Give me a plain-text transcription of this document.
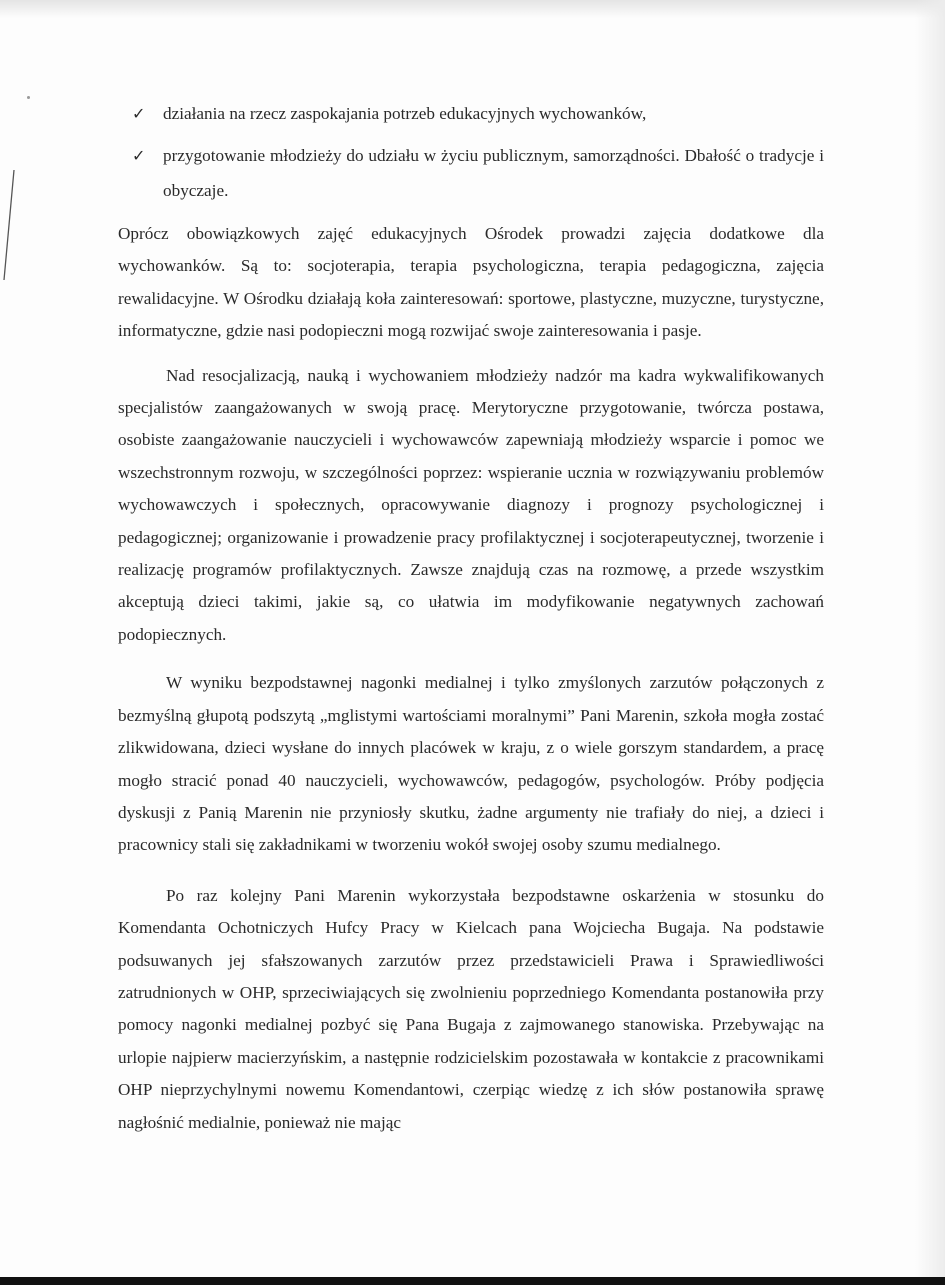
✓ działania na rzecz zaspokajania potrzeb edukacyjnych wychowanków,
✓ przygotowanie młodzieży do udziału w życiu publicznym, samorządności. Dbałość o tradycje i obyczaje.

Oprócz obowiązkowych zajęć edukacyjnych Ośrodek prowadzi zajęcia dodatkowe dla wychowanków. Są to: socjoterapia, terapia psychologiczna, terapia pedagogiczna, zajęcia rewalidacyjne. W Ośrodku działają koła zainteresowań: sportowe, plastyczne, muzyczne, turystyczne, informatyczne, gdzie nasi podopieczni mogą rozwijać swoje zainteresowania i pasje.

Nad resocjalizacją, nauką i wychowaniem młodzieży nadzór ma kadra wykwalifikowanych specjalistów zaangażowanych w swoją pracę. Merytoryczne przygotowanie, twórcza postawa, osobiste zaangażowanie nauczycieli i wychowawców zapewniają młodzieży wsparcie i pomoc we wszechstronnym rozwoju, w szczególności poprzez: wspieranie ucznia w rozwiązywaniu problemów wychowawczych i społecznych, opracowywanie diagnozy i prognozy psychologicznej i pedagogicznej; organizowanie i prowadzenie pracy profilaktycznej i socjoterapeutycznej, tworzenie i realizację programów profilaktycznych. Zawsze znajdują czas na rozmowę, a przede wszystkim akceptują dzieci takimi, jakie są, co ułatwia im modyfikowanie negatywnych zachowań podopiecznych.

W wyniku bezpodstawnej nagonki medialnej i tylko zmyślonych zarzutów połączonych z bezmyślną głupotą podszytą „mglistymi wartościami moralnymi” Pani Marenin, szkoła mogła zostać zlikwidowana, dzieci wysłane do innych placówek w kraju, z o wiele gorszym standardem, a pracę mogło stracić ponad 40 nauczycieli, wychowawców, pedagogów, psychologów. Próby podjęcia dyskusji z Panią Marenin nie przyniosły skutku, żadne argumenty nie trafiały do niej, a dzieci i pracownicy stali się zakładnikami w tworzeniu wokół swojej osoby szumu medialnego.

Po raz kolejny Pani Marenin wykorzystała bezpodstawne oskarżenia w stosunku do Komendanta Ochotniczych Hufcy Pracy w Kielcach pana Wojciecha Bugaja. Na podstawie podsuwanych jej sfałszowanych zarzutów przez przedstawicieli Prawa i Sprawiedliwości zatrudnionych w OHP, sprzeciwiających się zwolnieniu poprzedniego Komendanta postanowiła przy pomocy nagonki medialnej pozbyć się Pana Bugaja z zajmowanego stanowiska. Przebywając na urlopie najpierw macierzyńskim, a następnie rodzicielskim pozostawała w kontakcie z pracownikami OHP nieprzychylnymi nowemu Komendantowi, czerpiąc wiedzę z ich słów postanowiła sprawę nagłośnić medialnie, ponieważ nie mając
